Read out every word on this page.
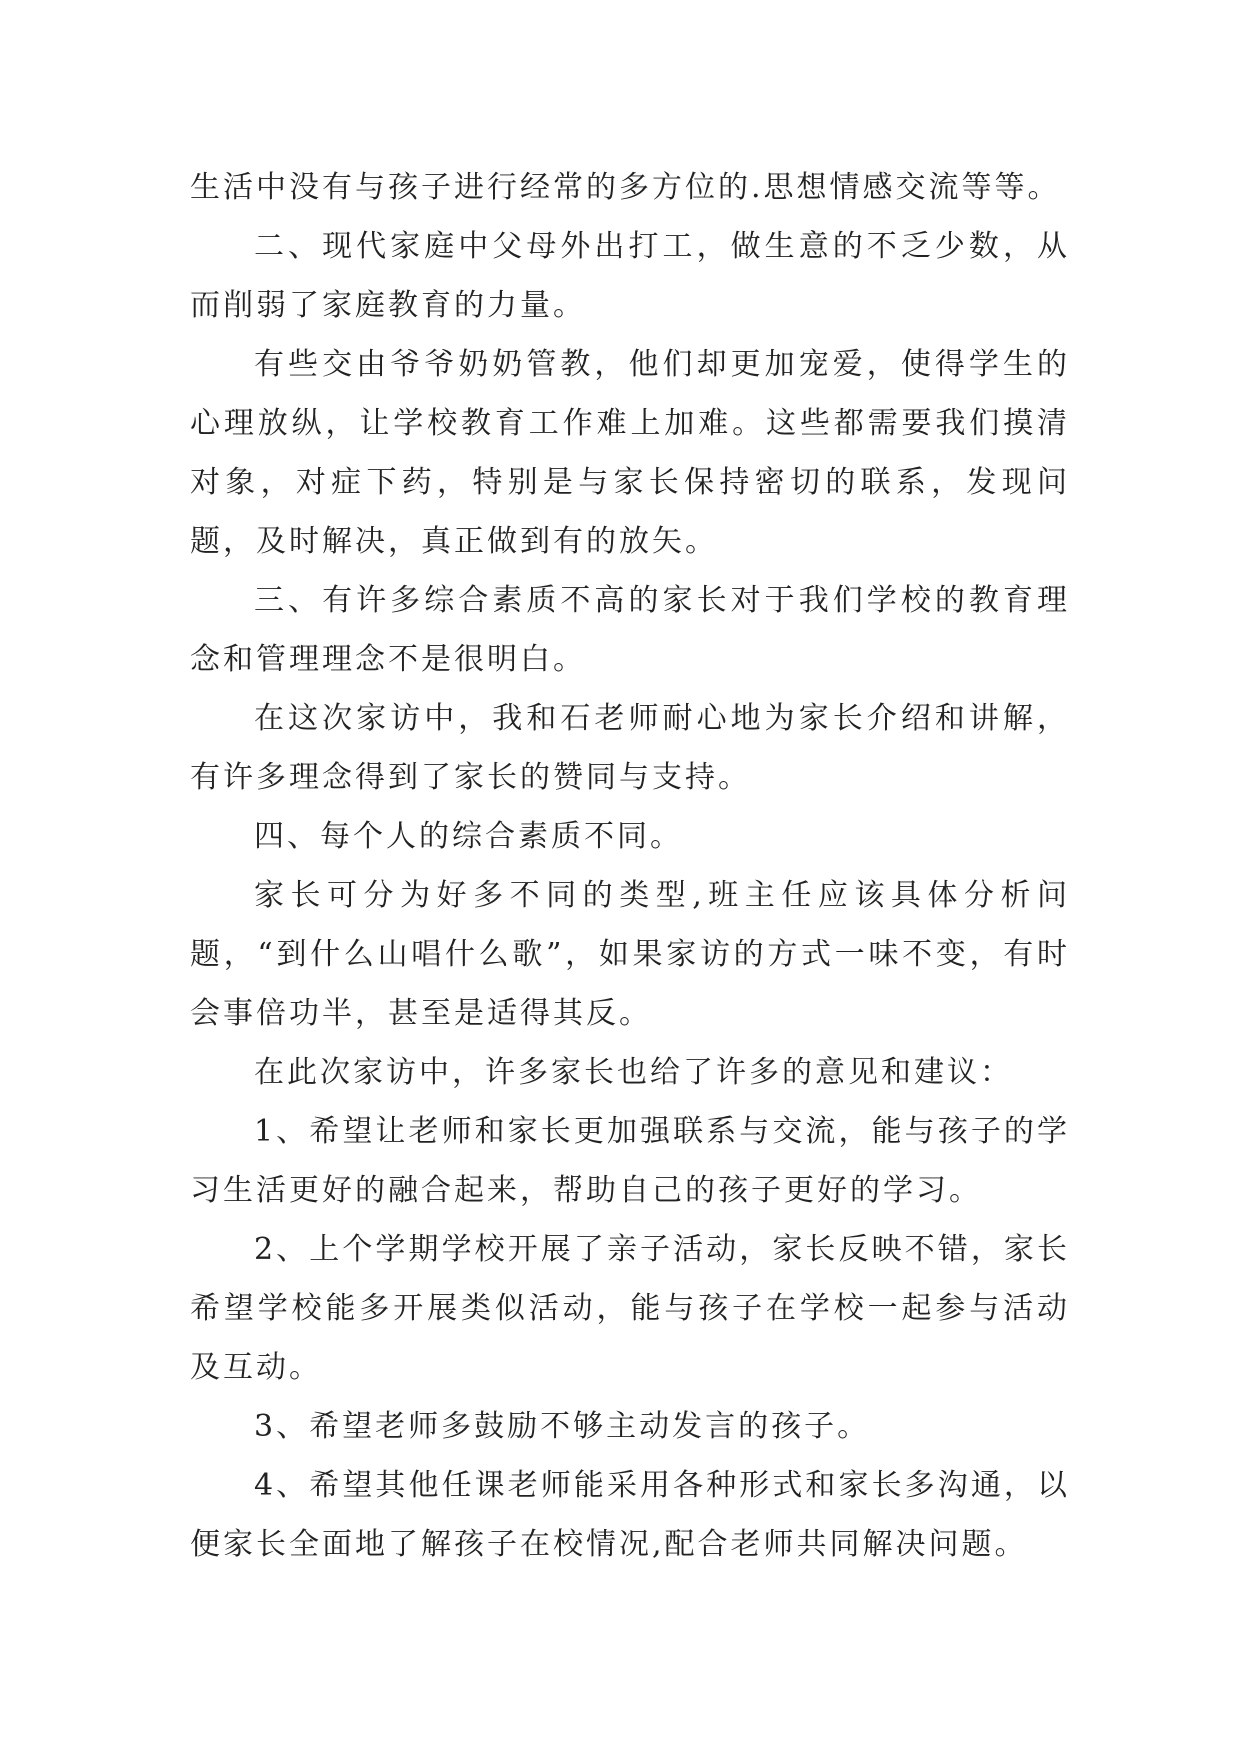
生活中没有与孩子进行经常的多方位的.思想情感交流等等。

二、现代家庭中父母外出打工，做生意的不乏少数，从而削弱了家庭教育的力量。

有些交由爷爷奶奶管教，他们却更加宠爱，使得学生的心理放纵，让学校教育工作难上加难。这些都需要我们摸清对象，对症下药，特别是与家长保持密切的联系，发现问题，及时解决，真正做到有的放矢。

三、有许多综合素质不高的家长对于我们学校的教育理念和管理理念不是很明白。

在这次家访中，我和石老师耐心地为家长介绍和讲解，有许多理念得到了家长的赞同与支持。

四、每个人的综合素质不同。

家长可分为好多不同的类型,班主任应该具体分析问题，“到什么山唱什么歌”，如果家访的方式一味不变，有时会事倍功半，甚至是适得其反。

在此次家访中，许多家长也给了许多的意见和建议：

1、希望让老师和家长更加强联系与交流，能与孩子的学习生活更好的融合起来，帮助自己的孩子更好的学习。

2、上个学期学校开展了亲子活动，家长反映不错，家长希望学校能多开展类似活动，能与孩子在学校一起参与活动及互动。

3、希望老师多鼓励不够主动发言的孩子。

4、希望其他任课老师能采用各种形式和家长多沟通，以便家长全面地了解孩子在校情况,配合老师共同解决问题。
